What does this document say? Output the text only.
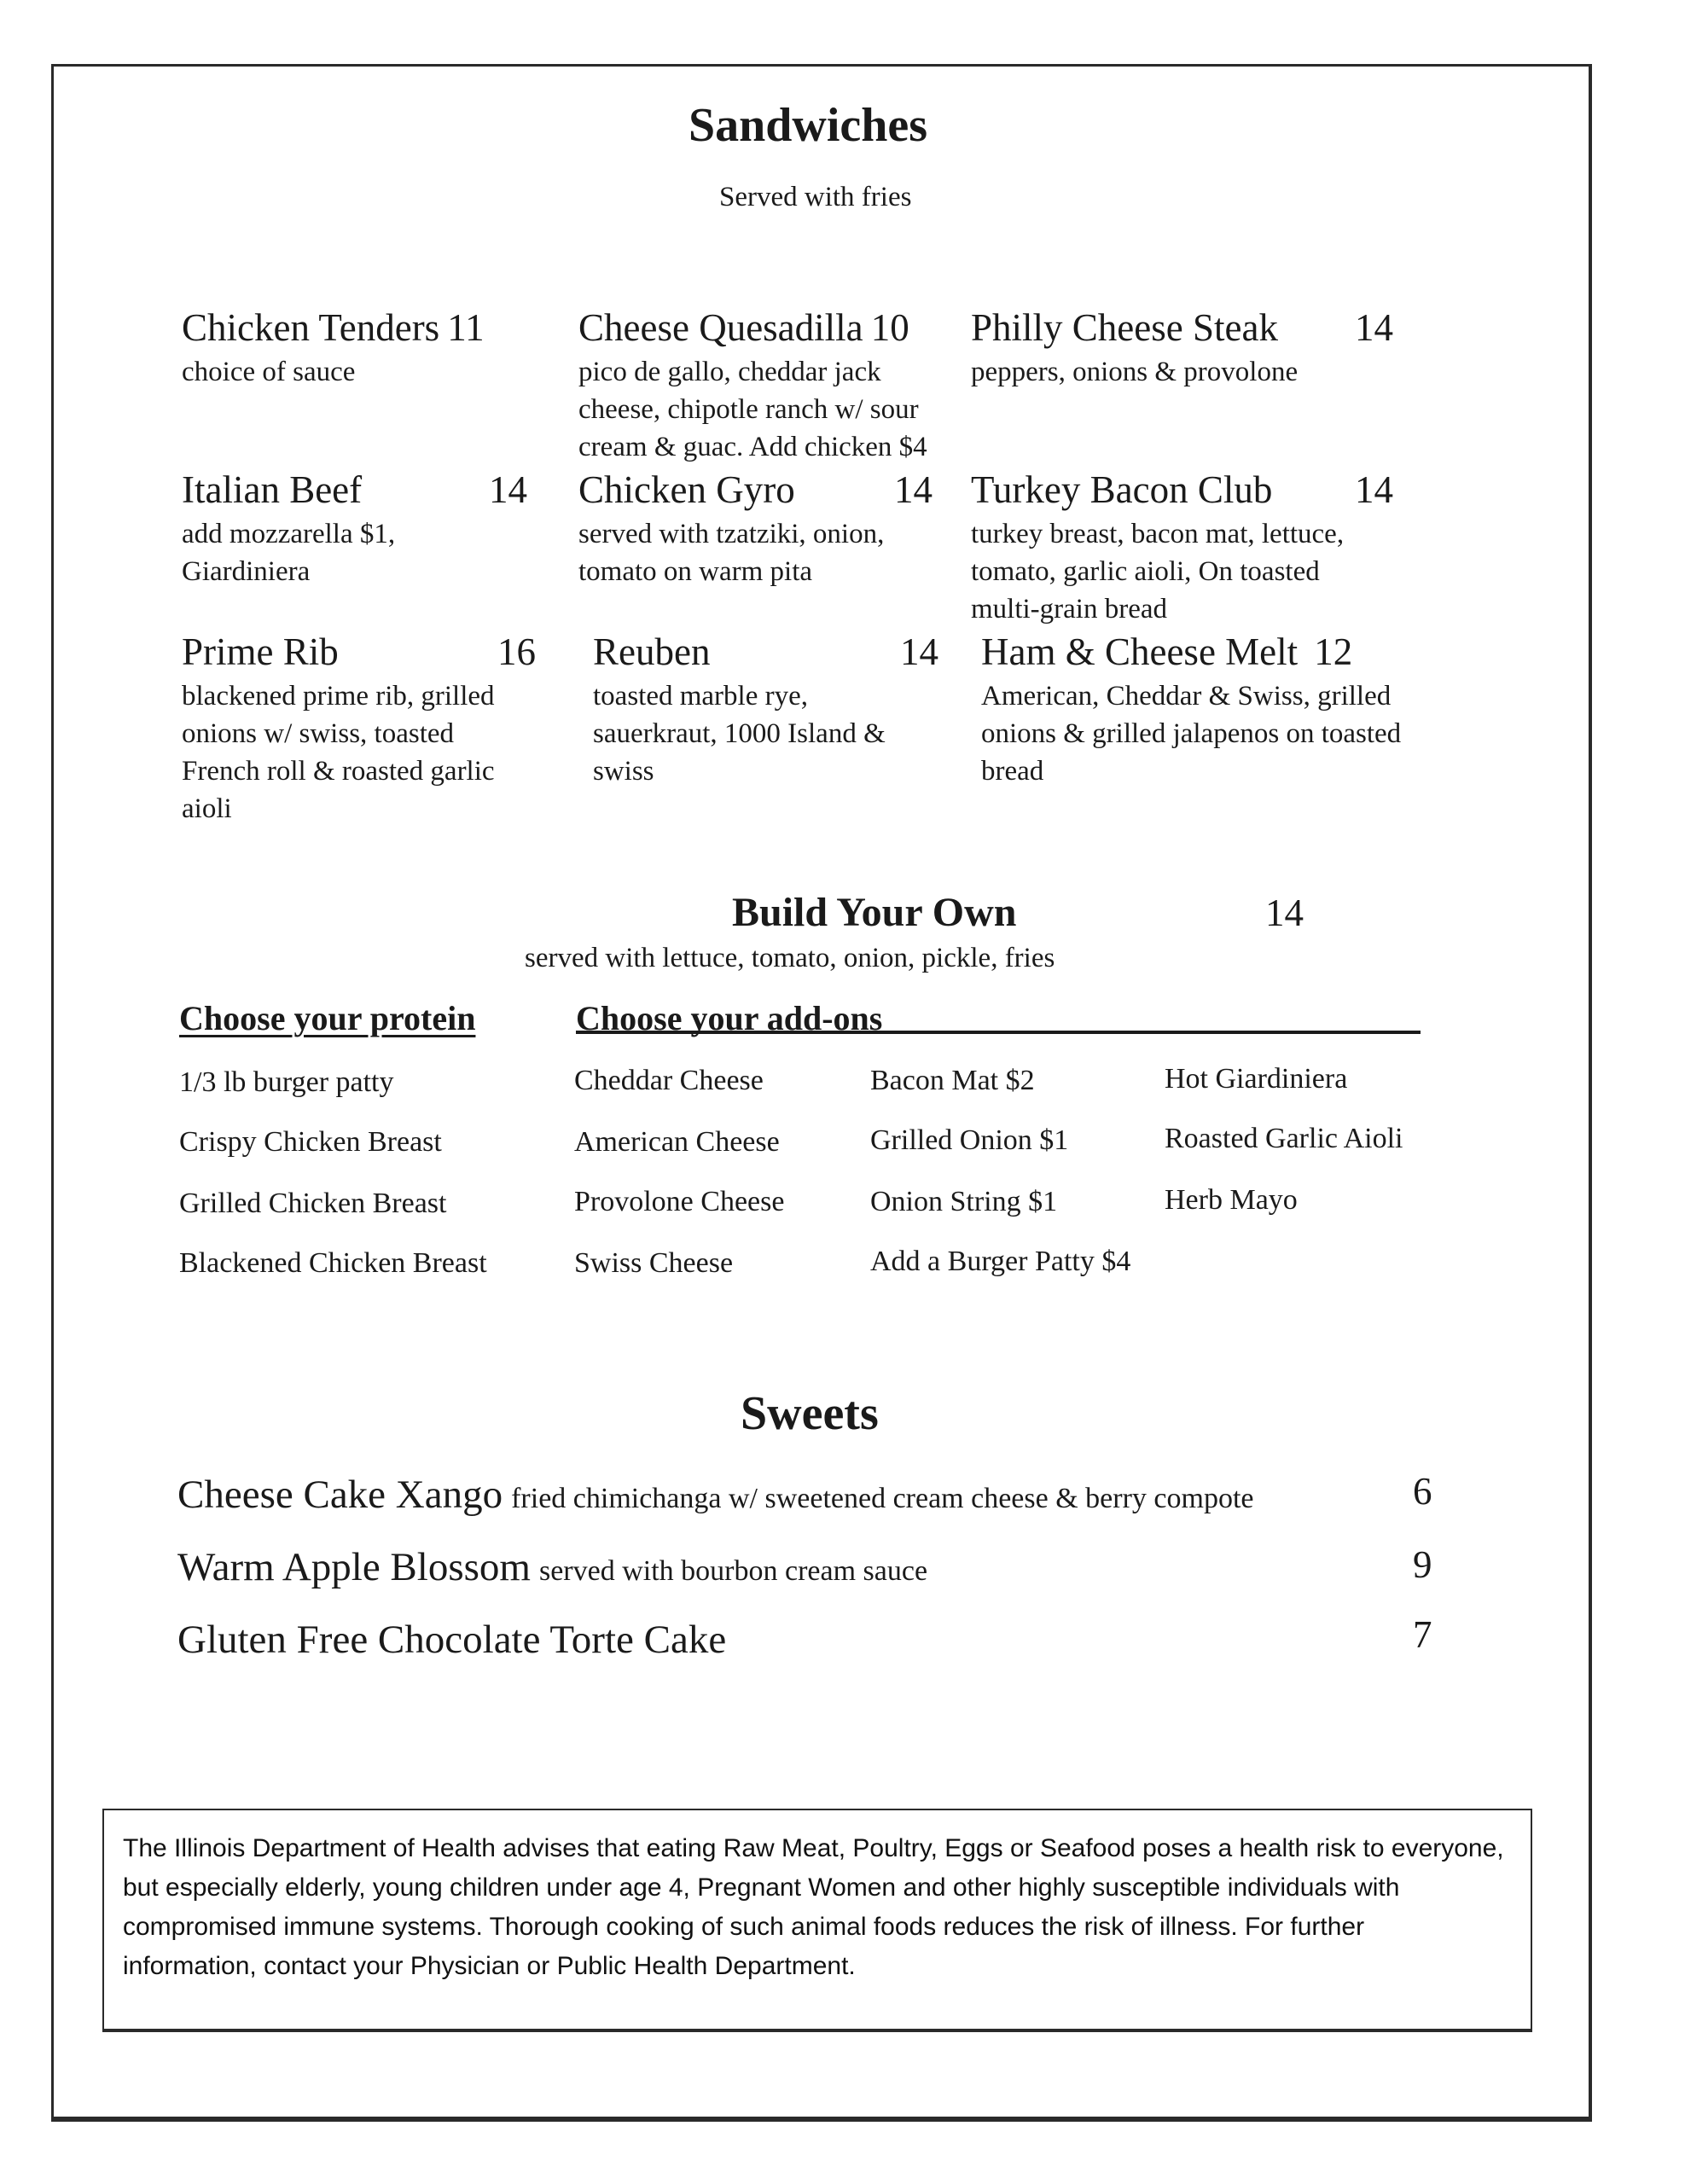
Sandwiches
Served with fries
Chicken Tenders 11
choice of sauce
Cheese Quesadilla 10
pico de gallo, cheddar jack cheese, chipotle ranch w/ sour cream & guac. Add chicken $4
Philly Cheese Steak 14
peppers, onions & provolone
Italian Beef	14
add mozzarella $1, Giardiniera
Chicken Gyro	14
served with tzatziki, onion, tomato on warm pita
Turkey Bacon Club 14
turkey breast, bacon mat, lettuce, tomato, garlic aioli, On toasted multi-grain bread
Prime Rib	16
blackened prime rib, grilled onions w/ swiss, toasted French roll & roasted garlic aioli
Reuben	14
toasted marble rye, sauerkraut, 1000 Island & swiss
Ham & Cheese Melt 12
American, Cheddar & Swiss, grilled onions & grilled jalapenos on toasted bread
Build Your Own	14
served with lettuce, tomato, onion, pickle, fries
Choose your protein	Choose your add-ons
1/3 lb burger patty
Crispy Chicken Breast
Grilled Chicken Breast
Blackened Chicken Breast
Cheddar Cheese
American Cheese
Provolone Cheese
Swiss Cheese
Bacon Mat $2
Grilled Onion $1
Onion String $1
Add a Burger Patty $4
Hot Giardiniera
Roasted Garlic Aioli
Herb Mayo
Sweets
Cheese Cake Xango fried chimichanga w/ sweetened cream cheese & berry compote	6
Warm Apple Blossom served with bourbon cream sauce	9
Gluten Free Chocolate Torte Cake	7
The Illinois Department of Health advises that eating Raw Meat, Poultry, Eggs or Seafood poses a health risk to everyone, but especially elderly, young children under age 4, Pregnant Women and other highly susceptible individuals with compromised immune systems. Thorough cooking of such animal foods reduces the risk of illness. For further information, contact your Physician or Public Health Department.
